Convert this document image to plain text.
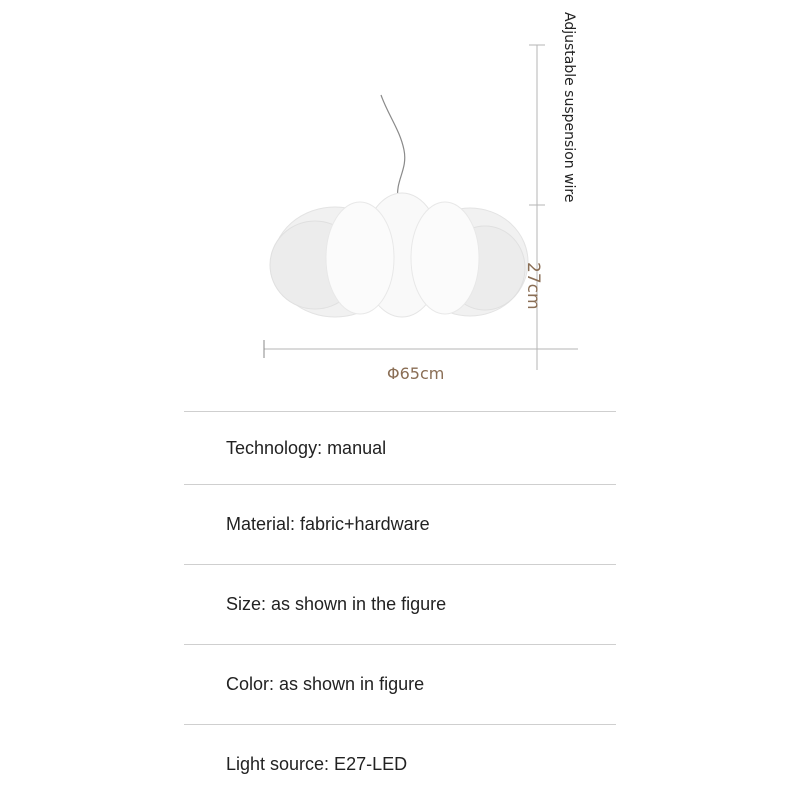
Adjustable suspension wire
27cm
Φ65cm
Technology: manual
Material: fabric+hardware
Size: as shown in the figure
Color: as shown in figure
Light source: E27-LED
